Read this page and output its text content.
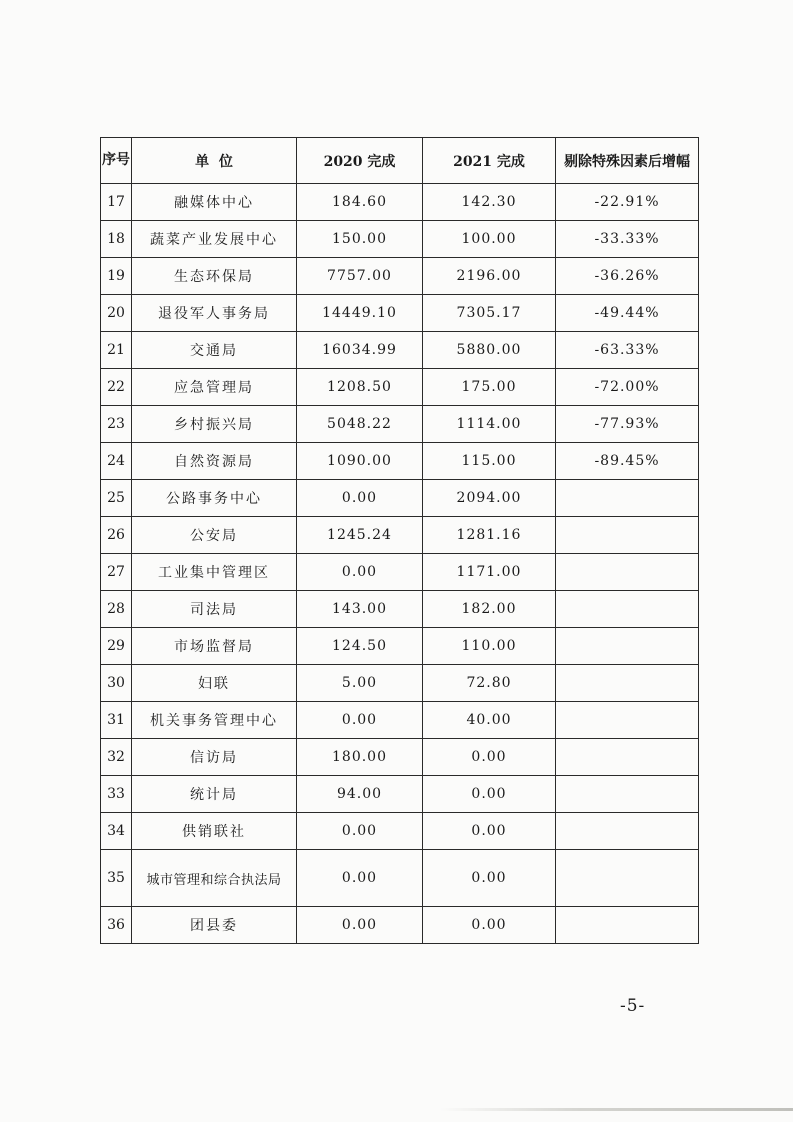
序号	单  位	2020 完成	2021 完成	剔除特殊因素后增幅
17	融媒体中心	184.60	142.30	-22.91%
18	蔬菜产业发展中心	150.00	100.00	-33.33%
19	生态环保局	7757.00	2196.00	-36.26%
20	退役军人事务局	14449.10	7305.17	-49.44%
21	交通局	16034.99	5880.00	-63.33%
22	应急管理局	1208.50	175.00	-72.00%
23	乡村振兴局	5048.22	1114.00	-77.93%
24	自然资源局	1090.00	115.00	-89.45%
25	公路事务中心	0.00	2094.00	
26	公安局	1245.24	1281.16	
27	工业集中管理区	0.00	1171.00	
28	司法局	143.00	182.00	
29	市场监督局	124.50	110.00	
30	妇联	5.00	72.80	
31	机关事务管理中心	0.00	40.00	
32	信访局	180.00	0.00	
33	统计局	94.00	0.00	
34	供销联社	0.00	0.00	
35	城市管理和综合执法局	0.00	0.00	
36	团县委	0.00	0.00	
-5-
